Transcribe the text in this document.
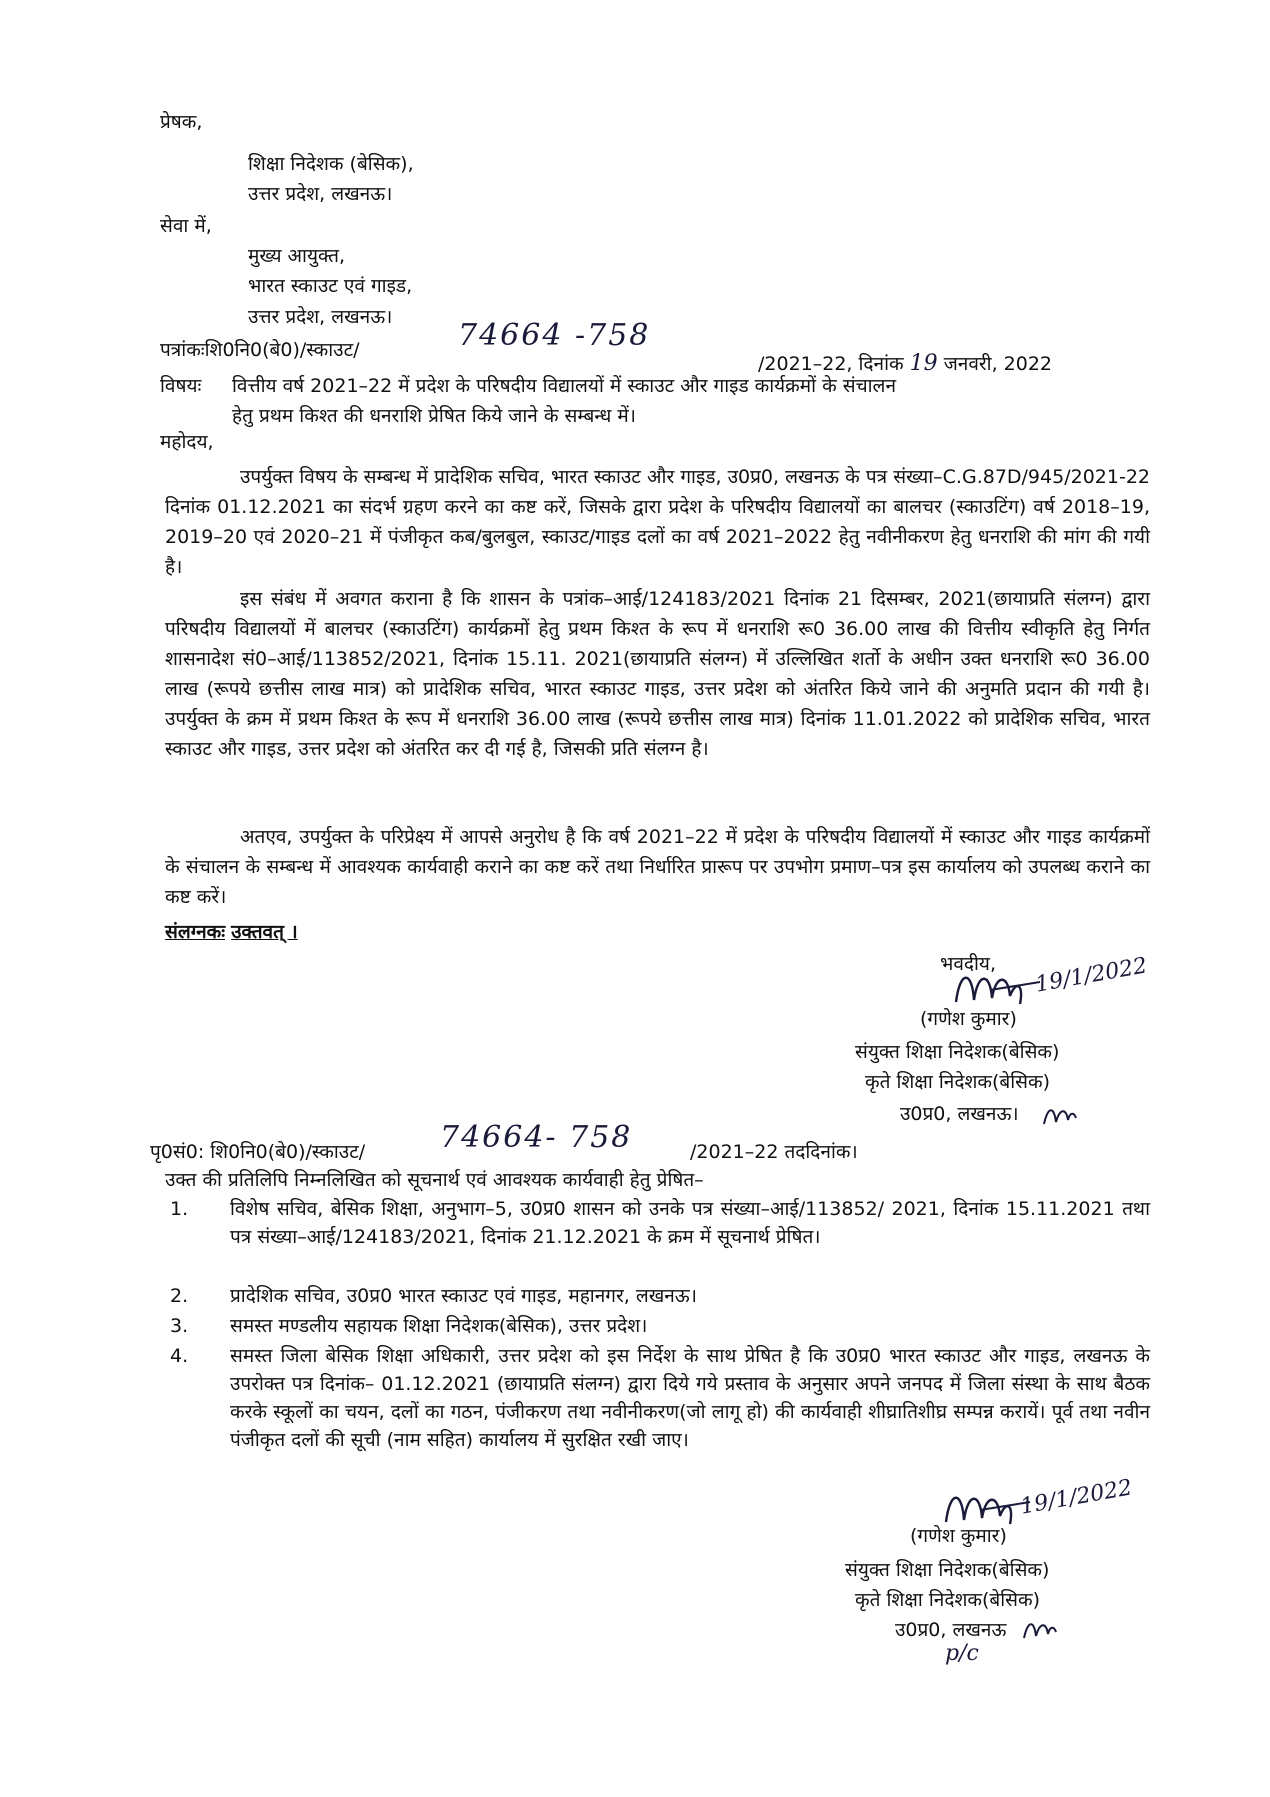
प्रेषक,
शिक्षा निदेशक (बेसिक),
उत्तर प्रदेश, लखनऊ।
सेवा में,
मुख्य आयुक्त,
भारत स्काउट एवं गाइड,
उत्तर प्रदेश, लखनऊ।
पत्रांकःशि0नि0(बे0)/स्काउट/	74664 -758
/2021–22, दिनांक 19 जनवरी, 2022
विषयः वित्तीय वर्ष 2021–22 में प्रदेश के परिषदीय विद्यालयों में स्काउट और गाइड कार्यक्रमों के संचालन
हेतु प्रथम किश्त की धनराशि प्रेषित किये जाने के सम्बन्ध में।
महोदय,
उपर्युक्त विषय के सम्बन्ध में प्रादेशिक सचिव, भारत स्काउट और गाइड, उ0प्र0, लखनऊ के पत्र संख्या–C.G.87D/945/2021-22 दिनांक 01.12.2021 का संदर्भ ग्रहण करने का कष्ट करें, जिसके द्वारा प्रदेश के परिषदीय विद्यालयों का बालचर (स्काउटिंग) वर्ष 2018–19, 2019–20 एवं 2020–21 में पंजीकृत कब/बुलबुल, स्काउट/गाइड दलों का वर्ष 2021–2022 हेतु नवीनीकरण हेतु धनराशि की मांग की गयी है।
इस संबंध में अवगत कराना है कि शासन के पत्रांक–आई/124183/2021 दिनांक 21 दिसम्बर, 2021(छायाप्रति संलग्न) द्वारा परिषदीय विद्यालयों में बालचर (स्काउटिंग) कार्यक्रमों हेतु प्रथम किश्त के रूप में धनराशि रू0 36.00 लाख की वित्तीय स्वीकृति हेतु निर्गत शासनादेश सं0–आई/113852/2021, दिनांक 15.11. 2021(छायाप्रति संलग्न) में उल्लिखित शर्तो के अधीन उक्त धनराशि रू0 36.00 लाख (रूपये छत्तीस लाख मात्र) को प्रादेशिक सचिव, भारत स्काउट गाइड, उत्तर प्रदेश को अंतरित किये जाने की अनुमति प्रदान की गयी है। उपर्युक्त के क्रम में प्रथम किश्त के रूप में धनराशि 36.00 लाख (रूपये छत्तीस लाख मात्र) दिनांक 11.01.2022 को प्रादेशिक सचिव, भारत स्काउट और गाइड, उत्तर प्रदेश को अंतरित कर दी गई है, जिसकी प्रति संलग्न है।
अतएव, उपर्युक्त के परिप्रेक्ष्य में आपसे अनुरोध है कि वर्ष 2021–22 में प्रदेश के परिषदीय विद्यालयों में स्काउट और गाइड कार्यक्रमों के संचालन के सम्बन्ध में आवश्यक कार्यवाही कराने का कष्ट करें तथा निर्धारित प्रारूप पर उपभोग प्रमाण–पत्र इस कार्यालय को उपलब्ध कराने का कष्ट करें।
संलग्नकः उक्तवत् ।
भवदीय, 19/1/2022
(गणेश कुमार)
संयुक्त शिक्षा निदेशक(बेसिक)
कृते शिक्षा निदेशक(बेसिक)
उ0प्र0, लखनऊ।
पृ0सं0: शि0नि0(बे0)/स्काउट/ 74664- 758	/2021–22 तददिनांक।
उक्त की प्रतिलिपि निम्नलिखित को सूचनार्थ एवं आवश्यक कार्यवाही हेतु प्रेषित–
1. विशेष सचिव, बेसिक शिक्षा, अनुभाग–5, उ0प्र0 शासन को उनके पत्र संख्या–आई/113852/ 2021, दिनांक 15.11.2021 तथा पत्र संख्या–आई/124183/2021, दिनांक 21.12.2021 के क्रम में सूचनार्थ प्रेषित।
2. प्रादेशिक सचिव, उ0प्र0 भारत स्काउट एवं गाइड, महानगर, लखनऊ।
3. समस्त मण्डलीय सहायक शिक्षा निदेशक(बेसिक), उत्तर प्रदेश।
4. समस्त जिला बेसिक शिक्षा अधिकारी, उत्तर प्रदेश को इस निर्देश के साथ प्रेषित है कि उ0प्र0 भारत स्काउट और गाइड, लखनऊ के उपरोक्त पत्र दिनांक– 01.12.2021 (छायाप्रति संलग्न) द्वारा दिये गये प्रस्ताव के अनुसार अपने जनपद में जिला संस्था के साथ बैठक करके स्कूलों का चयन, दलों का गठन, पंजीकरण तथा नवीनीकरण(जो लागू हो) की कार्यवाही शीघ्रातिशीघ्र सम्पन्न करायें। पूर्व तथा नवीन पंजीकृत दलों की सूची (नाम सहित) कार्यालय में सुरक्षित रखी जाए।
19/1/2022
(गणेश कुमार)
संयुक्त शिक्षा निदेशक(बेसिक)
कृते शिक्षा निदेशक(बेसिक)
उ0प्र0, लखनऊ
p/c
